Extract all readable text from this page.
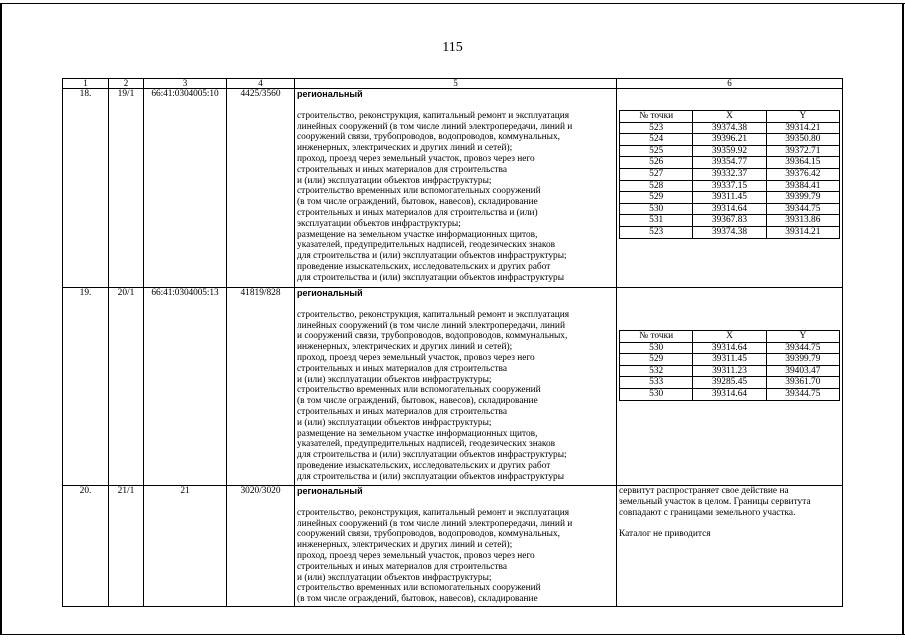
115
1	2	3	4	5	6
18.	19/1	66:41:0304005:10	4425/3560	региональный
строительство, реконструкция, капитальный ремонт и эксплуатация
линейных сооружений (в том числе линий электропередачи, линий и
сооружений связи, трубопроводов, водопроводов, коммунальных,
инженерных, электрических и других линий и сетей);
проход, проезд через земельный участок, провоз через него
строительных и иных материалов для строительства
и (или) эксплуатации объектов инфраструктуры;
строительство временных или вспомогательных сооружений
(в том числе ограждений, бытовок, навесов), складирование
строительных и иных материалов для строительства и (или)
эксплуатации объектов инфраструктуры;
размещение на земельном участке информационных щитов,
указателей, предупредительных надписей, геодезических знаков
для строительства и (или) эксплуатации объектов инфраструктуры;
проведение изыскательских, исследовательских и других работ
для строительства и (или) эксплуатации объектов инфраструктуры

№ точки	X	Y
523	39374.38	39314.21
524	39396.21	39350.80
525	39359.92	39372.71
526	39354.77	39364.15
527	39332.37	39376.42
528	39337.15	39384.41
529	39311.45	39399.79
530	39314.64	39344.75
531	39367.83	39313.86
523	39374.38	39314.21

19.	20/1	66:41:0304005:13	41819/828	региональный
строительство, реконструкция, капитальный ремонт и эксплуатация
линейных сооружений (в том числе линий электропередачи, линий
и сооружений связи, трубопроводов, водопроводов, коммунальных,
инженерных, электрических и других линий и сетей);
проход, проезд через земельный участок, провоз через него
строительных и иных материалов для строительства
и (или) эксплуатации объектов инфраструктуры;
строительство временных или вспомогательных сооружений
(в том числе ограждений, бытовок, навесов), складирование
строительных и иных материалов для строительства
и (или) эксплуатации объектов инфраструктуры;
размещение на земельном участке информационных щитов,
указателей, предупредительных надписей, геодезических знаков
для строительства и (или) эксплуатации объектов инфраструктуры;
проведение изыскательских, исследовательских и других работ
для строительства и (или) эксплуатации объектов инфраструктуры

№ точки	X	Y
530	39314.64	39344.75
529	39311.45	39399.79
532	39311.23	39403.47
533	39285.45	39361.70
530	39314.64	39344.75

20.	21/1	21	3020/3020	региональный
строительство, реконструкция, капитальный ремонт и эксплуатация
линейных сооружений (в том числе линий электропередачи, линий и
сооружений связи, трубопроводов, водопроводов, коммунальных,
инженерных, электрических и других линий и сетей);
проход, проезд через земельный участок, провоз через него
строительных и иных материалов для строительства
и (или) эксплуатации объектов инфраструктуры;
строительство временных или вспомогательных сооружений
(в том числе ограждений, бытовок, навесов), складирование

сервитут распространяет свое действие на
земельный участок в целом. Границы сервитута
совпадают с границами земельного участка.
Каталог не приводится
